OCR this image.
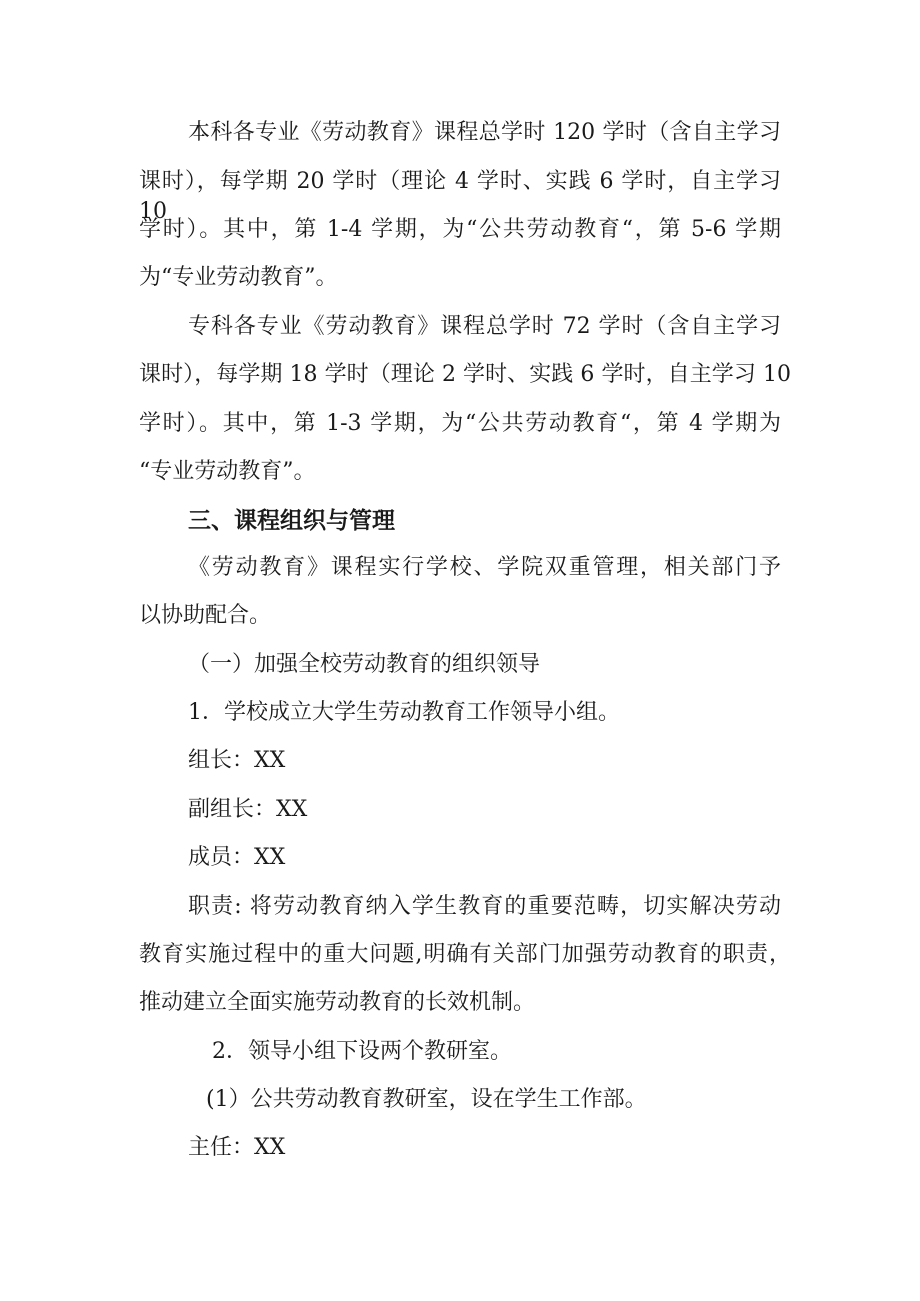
本科各专业《劳动教育》课程总学时 120 学时（含自主学习
课时），每学期 20 学时（理论 4 学时、实践 6 学时，自主学习 10
学时）。其中，第 1-4 学期，为“公共劳动教育“，第 5-6 学期
为“专业劳动教育”。
专科各专业《劳动教育》课程总学时 72 学时（含自主学习
课时），每学期 18 学时（理论 2 学时、实践 6 学时，自主学习 10
学时）。其中，第 1-3 学期，为“公共劳动教育“，第 4 学期为
“专业劳动教育”。
三、课程组织与管理
《劳动教育》课程实行学校、学院双重管理，相关部门予
以协助配合。
（一）加强全校劳动教育的组织领导
1．学校成立大学生劳动教育工作领导小组。
组长：XX
副组长：XX
成员：XX
职责: 将劳动教育纳入学生教育的重要范畴，切实解决劳动
教育实施过程中的重大问题,明确有关部门加强劳动教育的职责，
推动建立全面实施劳动教育的长效机制。
2．领导小组下设两个教研室。
(1）公共劳动教育教研室，设在学生工作部。
主任：XX
